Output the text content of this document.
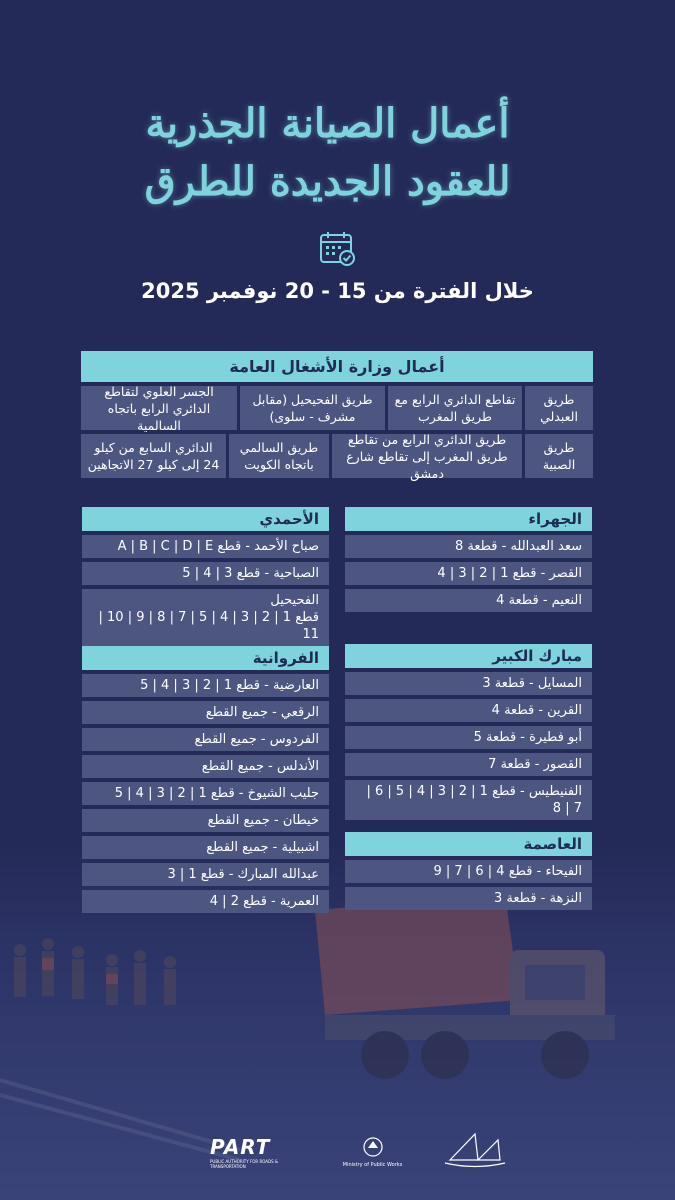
أعمال الصيانة الجذرية
للعقود الجديدة للطرق
خلال الفترة من 15 - 20 نوفمبر 2025
أعمال وزارة الأشغال العامة
طريق العبدلي
تقاطع الدائري الرابع مع طريق المغرب
طريق الفحيحيل (مقابل مشرف - سلوى)
الجسر العلوي لتقاطع الدائري الرابع باتجاه السالمية
طريق الصبية
طريق الدائري الرابع من تقاطع طريق المغرب إلى تقاطع شارع دمشق
طريق السالمي باتجاه الكويت
الدائري السابع من كيلو 24 إلى كيلو 27 الاتجاهين
الجهراء
سعد العبدالله - قطعة 8
القصر - قطع 1 | 2 | 3 | 4
النعيم - قطعة 4
الأحمدي
صباح الأحمد - قطع A | B | C | D | E
الصباحية - قطع 3 | 4 | 5
الفحيحيل
قطع 1 | 2 | 3 | 4 | 5 | 7 | 8 | 9 | 10 | 11
مبارك الكبير
المسايل - قطعة 3
القرين - قطعة 4
أبو فطيرة - قطعة 5
القصور - قطعة 7
الفنيطيس - قطع 1 | 2 | 3 | 4 | 5 | 6 | 7 | 8
الفروانية
العارضية - قطع 1 | 2 | 3 | 4 | 5
الرقعي - جميع القطع
الفردوس - جميع القطع
الأندلس - جميع القطع
جليب الشيوخ - قطع 1 | 2 | 3 | 4 | 5
خيطان - جميع القطع
اشبيلية - جميع القطع
عبدالله المبارك - قطع 1 | 3
العمرية - قطع 2 | 4
العاصمة
الفيحاء - قطع 4 | 6 | 7 | 9
النزهة - قطعة 3
PART
PUBLIC AUTHORITY FOR ROADS & TRANSPORTATION	Ministry of Public Works
